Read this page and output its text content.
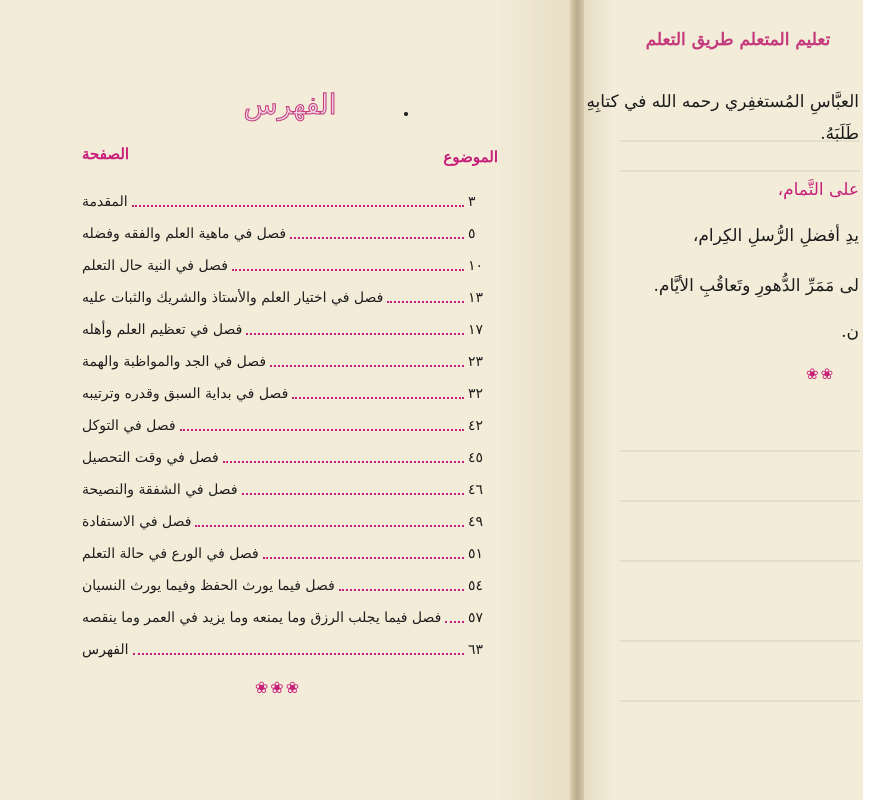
الفهرس
الموضوع
الصفحة
المقدمة	٣
فصل في ماهية العلم والفقه وفضله	٥
فصل في النية حال التعلم	١٠
فصل في اختيار العلم والأستاذ والشريك والثبات عليه	١٣
فصل في تعظيم العلم وأهله	١٧
فصل في الجد والمواظبة والهمة	٢٣
فصل في بداية السبق وقدره وترتيبه	٣٢
فصل في التوكل	٤٢
فصل في وقت التحصيل	٤٥
فصل في الشفقة والنصيحة	٤٦
فصل في الاستفادة	٤٩
فصل في الورع في حالة التعلم	٥١
فصل فيما يورث الحفظ وفيما يورث النسيان	٥٤
فصل فيما يجلب الرزق وما يمنعه وما يزيد في العمر وما ينقصه ٥٧
الفهرس	٦٣
❀❀❀
تعليم المتعلم طريق التعلم
العبَّاسِ المُستغفِري رحمه الله في كتابِهِ
طَلَبَهُ.
على التَّمام،
يدِ أفضلِ الرُّسلِ الكِرام،
لى مَمَرِّ الدُّهورِ وتَعاقُبِ الأيَّام.
ن.
❀❀
